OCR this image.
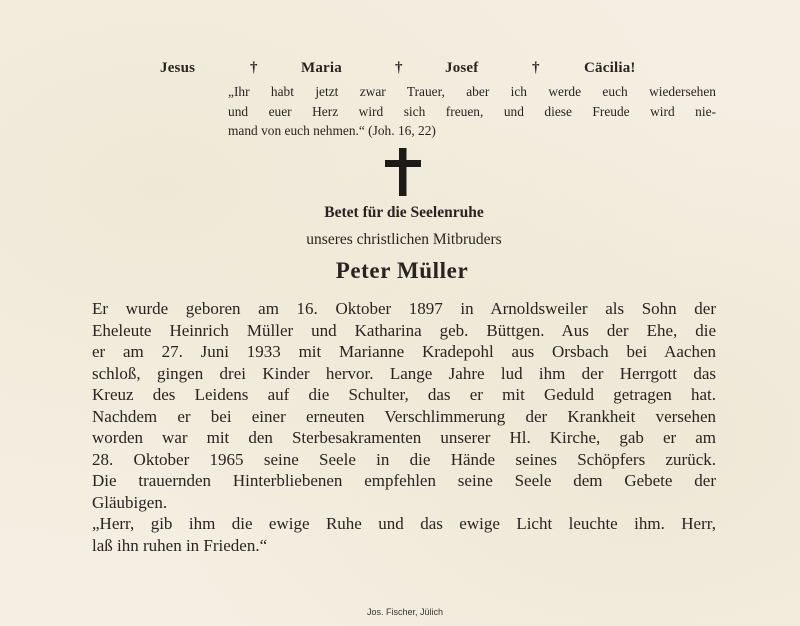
Jesus	†	Maria	†	Josef	†	Cäcilia!

„Ihr habt jetzt zwar Trauer, aber ich werde euch wiedersehen
und euer Herz wird sich freuen, und diese Freude wird nie-
mand von euch nehmen.“ (Joh. 16, 22)

Betet für die Seelenruhe

unseres christlichen Mitbruders

Peter Müller

Er wurde geboren am 16. Oktober 1897 in Arnoldsweiler als Sohn der
Eheleute Heinrich Müller und Katharina geb. Büttgen. Aus der Ehe, die
er am 27. Juni 1933 mit Marianne Kradepohl aus Orsbach bei Aachen
schloß, gingen drei Kinder hervor. Lange Jahre lud ihm der Herrgott das
Kreuz des Leidens auf die Schulter, das er mit Geduld getragen hat.
Nachdem er bei einer erneuten Verschlimmerung der Krankheit versehen
worden war mit den Sterbesakramenten unserer Hl. Kirche, gab er am
28. Oktober 1965 seine Seele in die Hände seines Schöpfers zurück.
Die trauernden Hinterbliebenen empfehlen seine Seele dem Gebete der
Gläubigen.
„Herr, gib ihm die ewige Ruhe und das ewige Licht leuchte ihm. Herr,
laß ihn ruhen in Frieden.“

Jos. Fischer, Jülich
